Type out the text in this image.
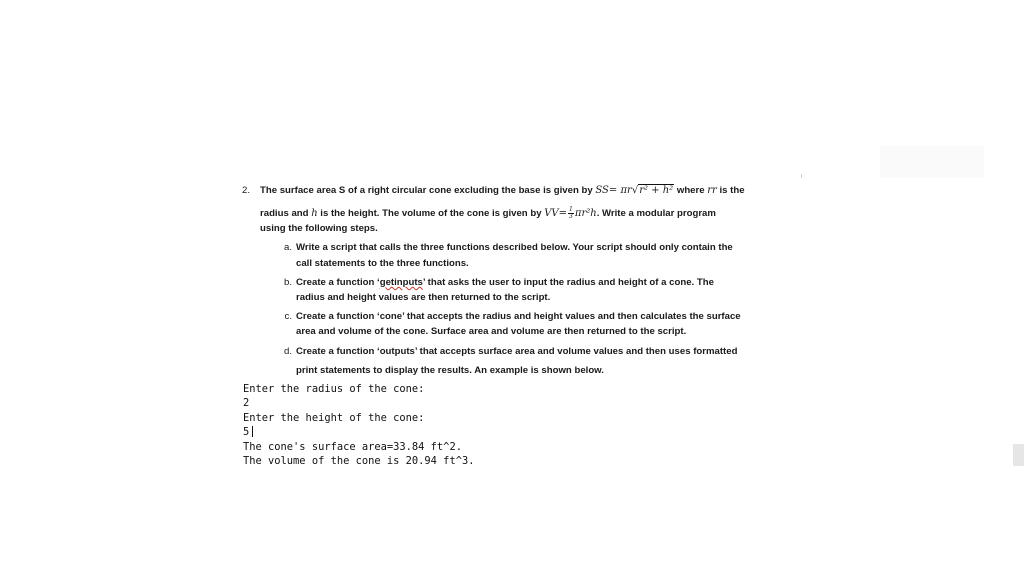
2. The surface area S of a right circular cone excluding the base is given by SS= πr√r² + h² where rr is the
radius and h is the height. The volume of the cone is given by $VV= \frac{1}{3} \pi r^2h$. Write a modular program
using the following steps.
a. Write a script that calls the three functions described below. Your script should only contain the
call statements to the three functions.
b. Create a function ‘getinputs’ that asks the user to input the radius and height of a cone. The
radius and height values are then returned to the script.
c. Create a function ‘cone’ that accepts the radius and height values and then calculates the surface
area and volume of the cone. Surface area and volume are then returned to the script.
d. Create a function ‘outputs’ that accepts surface area and volume values and then uses formatted
print statements to display the results. An example is shown below.
Enter the radius of the cone:
2
Enter the height of the cone:
5
The cone's surface area=33.84 ft^2.
The volume of the cone is 20.94 ft^3.
